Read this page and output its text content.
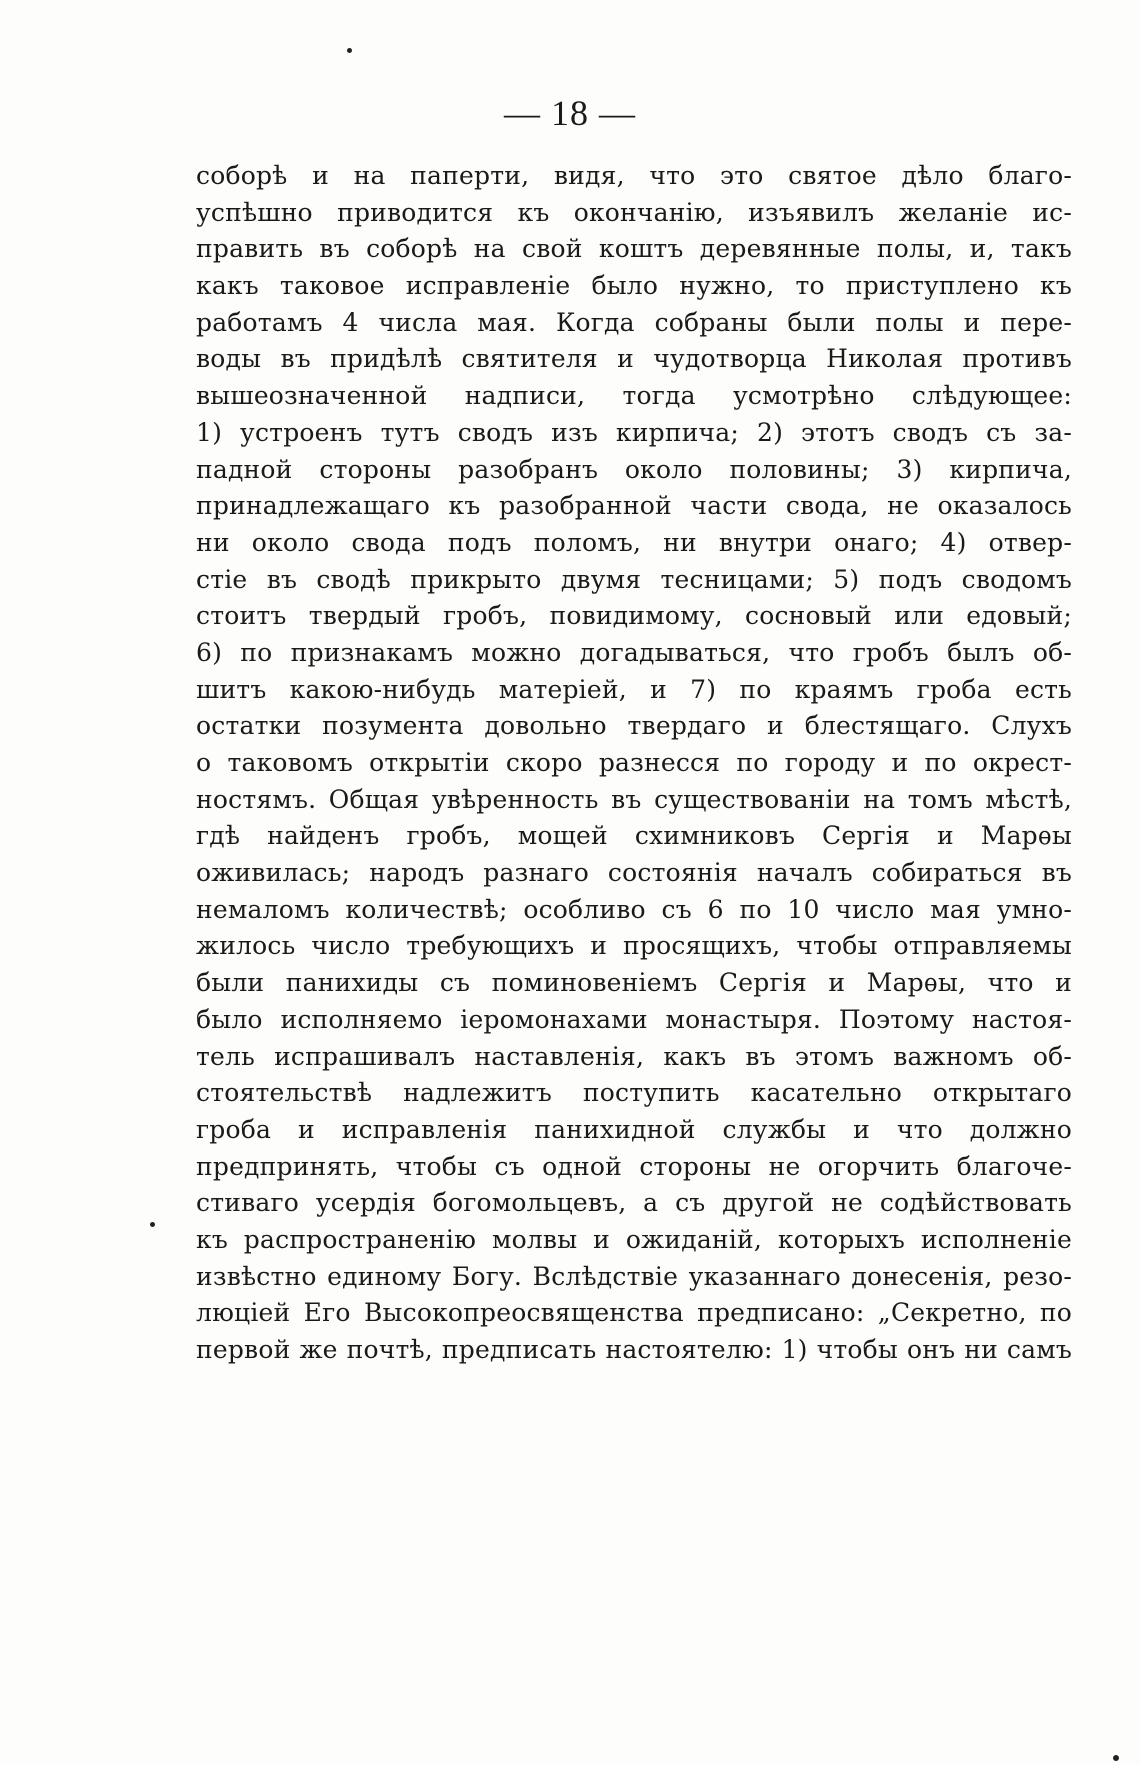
— 18 —
соборѣ и на паперти, видя, что это святое дѣло благо-
успѣшно приводится къ окончанію, изъявилъ желаніе ис-
править въ соборѣ на свой коштъ деревянные полы, и, такъ
какъ таковое исправленіе было нужно, то приступлено къ
работамъ 4 числа мая. Когда собраны были полы и пере-
воды въ придѣлѣ святителя и чудотворца Николая противъ
вышеозначенной надписи, тогда усмотрѣно слѣдующее:
1) устроенъ тутъ сводъ изъ кирпича; 2) этотъ сводъ съ за-
падной стороны разобранъ около половины; 3) кирпича,
принадлежащаго къ разобранной части свода, не оказалось
ни около свода подъ поломъ, ни внутри онаго; 4) отвер-
стіе въ сводѣ прикрыто двумя тесницами; 5) подъ сводомъ
стоитъ твердый гробъ, повидимому, сосновый или едовый;
6) по признакамъ можно догадываться, что гробъ былъ об-
шитъ какою-нибудь матеріей, и 7) по краямъ гроба есть
остатки позумента довольно твердаго и блестящаго. Слухъ
о таковомъ открытіи скоро разнесся по городу и по окрест-
ностямъ. Общая увѣренность въ существованіи на томъ мѣстѣ,
гдѣ найденъ гробъ, мощей схимниковъ Сергія и Марѳы
оживилась; народъ разнаго состоянія началъ собираться въ
немаломъ количествѣ; особливо съ 6 по 10 число мая умно-
жилось число требующихъ и просящихъ, чтобы отправляемы
были панихиды съ поминовеніемъ Сергія и Марѳы, что и
было исполняемо іеромонахами монастыря. Поэтому настоя-
тель испрашивалъ наставленія, какъ въ этомъ важномъ об-
стоятельствѣ надлежитъ поступить касательно открытаго
гроба и исправленія панихидной службы и что должно
предпринять, чтобы съ одной стороны не огорчить благоче-
стиваго усердія богомольцевъ, а съ другой не содѣйствовать
къ распространенію молвы и ожиданій, которыхъ исполненіе
извѣстно единому Богу. Вслѣдствіе указаннаго донесенія, резо-
люціей Его Высокопреосвященства предписано: „Секретно, по
первой же почтѣ, предписать настоятелю: 1) чтобы онъ ни самъ
